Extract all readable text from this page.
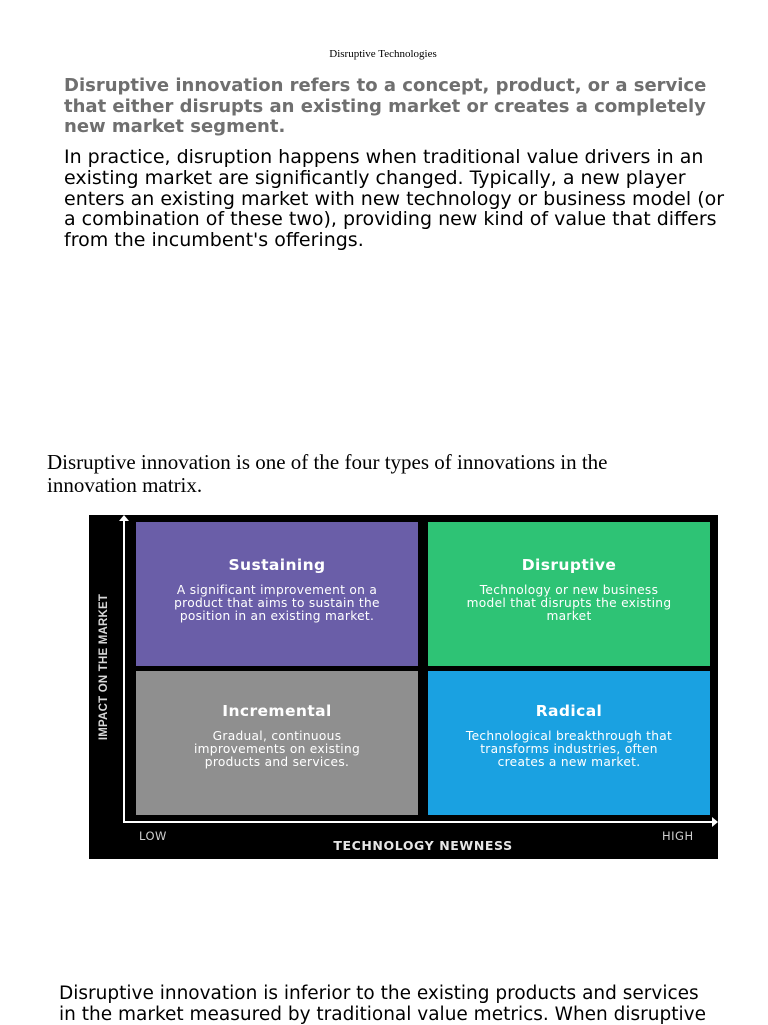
Disruptive Technologies

Disruptive innovation refers to a concept, product, or a service that either disrupts an existing market or creates a completely new market segment.

In practice, disruption happens when traditional value drivers in an existing market are significantly changed. Typically, a new player enters an existing market with new technology or business model (or a combination of these two), providing new kind of value that differs from the incumbent's offerings.

Disruptive innovation is one of the four types of innovations in the innovation matrix.

Sustaining
A significant improvement on a product that aims to sustain the position in an existing market.
Disruptive
Technology or new business model that disrupts the existing market
Incremental
Gradual, continuous improvements on existing products and services.
Radical
Technological breakthrough that transforms industries, often creates a new market.
IMPACT ON THE MARKET
LOW	HIGH
TECHNOLOGY NEWNESS

Disruptive innovation is inferior to the existing products and services in the market measured by traditional value metrics. When disruptive
